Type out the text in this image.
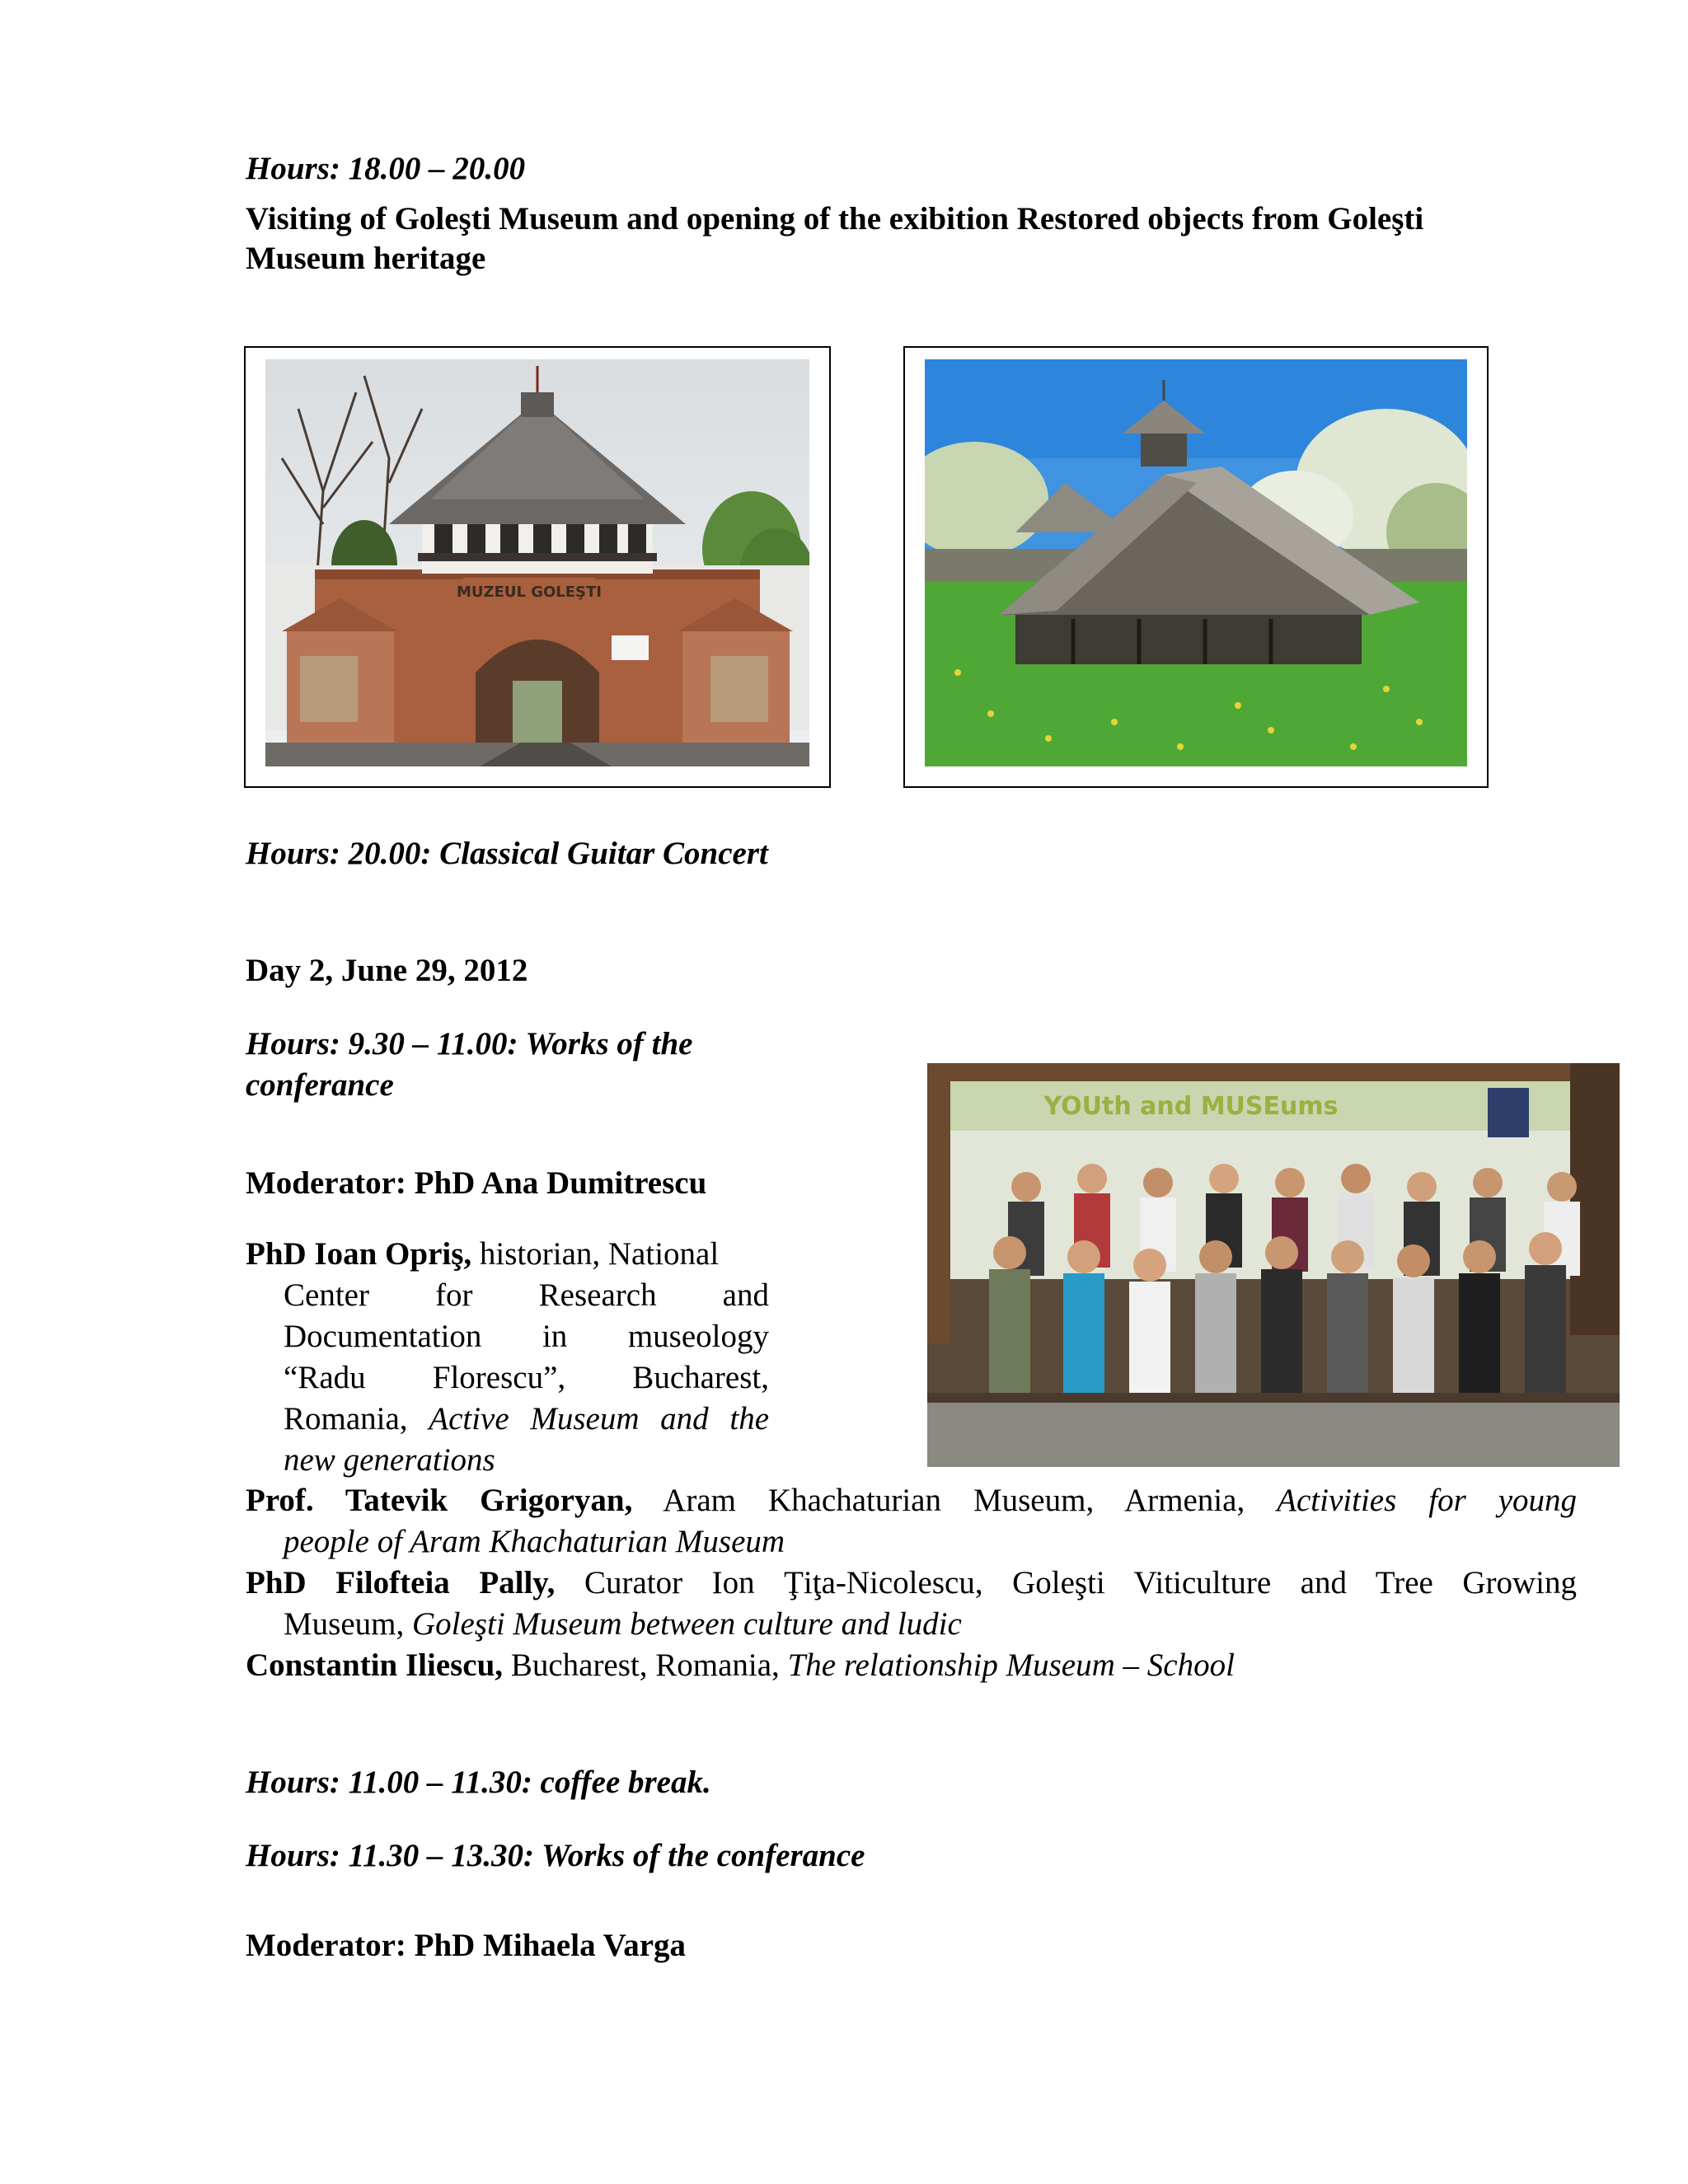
Hours: 18.00 – 20.00

Visiting of Goleşti Museum and opening of the exibition Restored objects from Goleşti

Museum heritage

MUZEUL GOLEŞTI

Hours: 20.00: Classical Guitar Concert

Day 2, June 29, 2012

Hours: 9.30 – 11.00: Works of the

conferance

Moderator: PhD Ana Dumitrescu

YOUth and MUSEums
PhD Ioan Opriş, historian, National
Center for Research and
Documentation in museology
“Radu Florescu”, Bucharest,
Romania, Active Museum and the
new generations
Prof. Tatevik Grigoryan, Aram Khachaturian Museum, Armenia, Activities for young
people of Aram Khachaturian Museum
PhD Filofteia Pally, Curator Ion Ţiţa-Nicolescu, Goleşti Viticulture and Tree Growing
Museum, Goleşti Museum between culture and ludic
Constantin Iliescu, Bucharest, Romania, The relationship Museum – School

Hours: 11.00 – 11.30: coffee break.

Hours: 11.30 – 13.30: Works of the conferance

Moderator: PhD Mihaela Varga
